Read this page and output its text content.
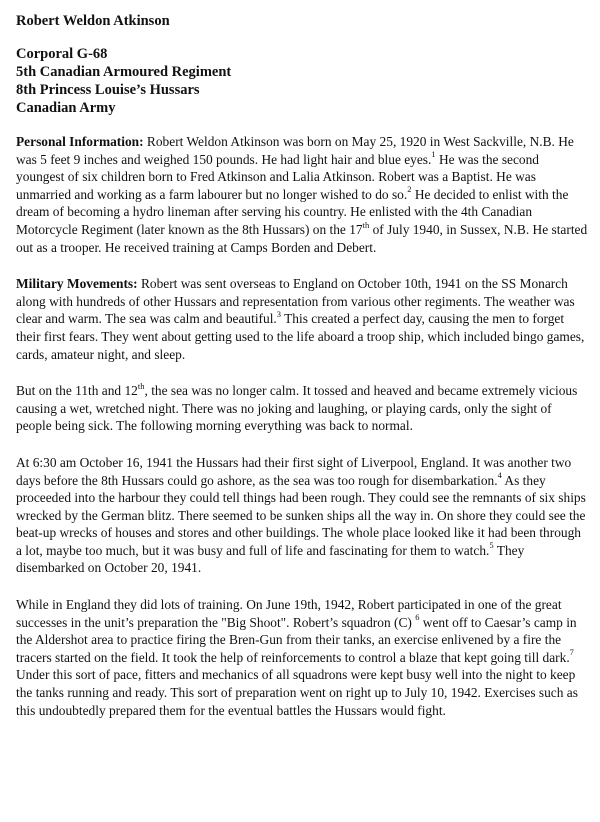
Robert Weldon Atkinson
Corporal G-68
5th Canadian Armoured Regiment
8th Princess Louise’s Hussars
Canadian Army

Personal Information: Robert Weldon Atkinson was born on May 25, 1920 in West Sackville, N.B. He was 5 feet 9 inches and weighed 150 pounds. He had light hair and blue eyes.$^1$ He was the second youngest of six children born to Fred Atkinson and Lalia Atkinson. Robert was a Baptist. He was unmarried and working as a farm labourer but no longer wished to do so.$^2$ He decided to enlist with the dream of becoming a hydro lineman after serving his country. He enlisted with the 4th Canadian Motorcycle Regiment (later known as the 8th Hussars) on the 17th of July 1940, in Sussex, N.B. He started out as a trooper. He received training at Camps Borden and Debert.

Military Movements: Robert was sent overseas to England on October 10th, 1941 on the SS Monarch along with hundreds of other Hussars and representation from various other regiments. The weather was clear and warm. The sea was calm and beautiful.$^3$ This created a perfect day, causing the men to forget their first fears. They went about getting used to the life aboard a troop ship, which included bingo games, cards, amateur night, and sleep.

But on the 11th and 12th, the sea was no longer calm. It tossed and heaved and became extremely vicious causing a wet, wretched night. There was no joking and laughing, or playing cards, only the sight of people being sick. The following morning everything was back to normal.

At 6:30 am October 16, 1941 the Hussars had their first sight of Liverpool, England. It was another two days before the 8th Hussars could go ashore, as the sea was too rough for disembarkation.$^4$ As they proceeded into the harbour they could tell things had been rough. They could see the remnants of six ships wrecked by the German blitz. There seemed to be sunken ships all the way in. On shore they could see the beat-up wrecks of houses and stores and other buildings. The whole place looked like it had been through a lot, maybe too much, but it was busy and full of life and fascinating for them to watch.$^5$ They disembarked on October 20, 1941.

While in England they did lots of training. On June 19th, 1942, Robert participated in one of the great successes in the unit’s preparation the "Big Shoot". Robert’s squadron (C) $^6$ went off to Caesar’s camp in the Aldershot area to practice firing the Bren-Gun from their tanks, an exercise enlivened by a fire the tracers started on the field. It took the help of reinforcements to control a blaze that kept going till dark.$^7$ Under this sort of pace, fitters and mechanics of all squadrons were kept busy well into the night to keep the tanks running and ready. This sort of preparation went on right up to July 10, 1942. Exercises such as this undoubtedly prepared them for the eventual battles the Hussars would fight.
